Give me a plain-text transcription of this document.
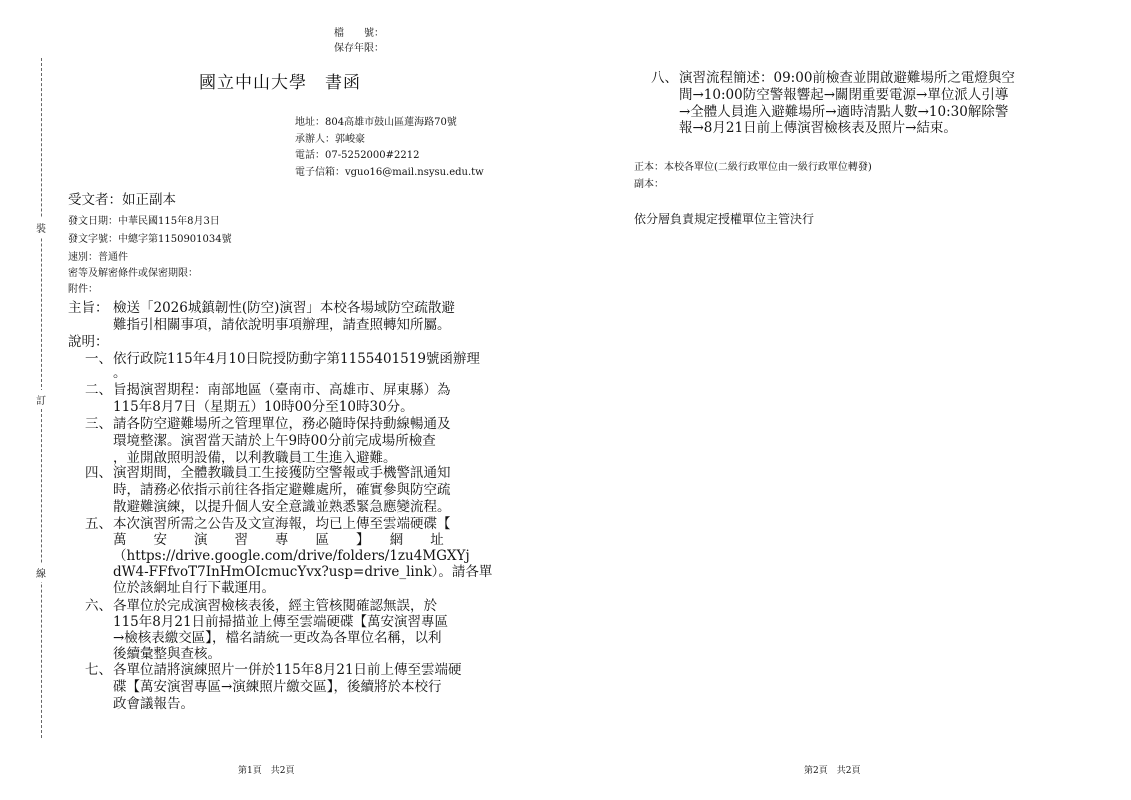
裝
訂
線
檔　　號：
保存年限：
國立中山大學　書函
地址：804高雄市鼓山區蓮海路70號
承辦人：郭峻豪
電話：07-5252000#2212
電子信箱：vguo16@mail.nsysu.edu.tw
受文者：如正副本
發文日期：中華民國115年8月3日
發文字號：中總字第1150901034號
速別：普通件
密等及解密條件或保密期限：
附件：
主旨： 檢送「2026城鎮韌性(防空)演習」本校各場域防空疏散避
難指引相關事項，請依說明事項辦理，請查照轉知所屬。
說明：
一、 依行政院115年4月10日院授防動字第1155401519號函辦理
。
二、 旨揭演習期程：南部地區（臺南市、高雄市、屏東縣）為
115年8月7日（星期五）10時00分至10時30分。
三、 請各防空避難場所之管理單位，務必隨時保持動線暢通及
環境整潔。演習當天請於上午9時00分前完成場所檢查
，並開啟照明設備，以利教職員工生進入避難。
四、 演習期間，全體教職員工生接獲防空警報或手機警訊通知
時，請務必依指示前往各指定避難處所，確實參與防空疏
散避難演練，以提升個人安全意識並熟悉緊急應變流程。
五、 本次演習所需之公告及文宣海報，均已上傳至雲端硬碟【
萬　　安　　演　　習　　專　　區　　】　　網　　址
（https://drive.google.com/drive/folders/1zu4MGXYj
dW4-FFfvoT7InHmOIcmucYvx?usp=drive_link）。請各單
位於該網址自行下載運用。
六、 各單位於完成演習檢核表後，經主管核閱確認無誤，於
115年8月21日前掃描並上傳至雲端硬碟【萬安演習專區
→檢核表繳交區】，檔名請統一更改為各單位名稱，以利
後續彙整與查核。
七、 各單位請將演練照片一併於115年8月21日前上傳至雲端硬
碟【萬安演習專區→演練照片繳交區】，後續將於本校行
政會議報告。
第1頁　共2頁
八、 演習流程簡述：09:00前檢查並開啟避難場所之電燈與空
間→10:00防空警報響起→關閉重要電源→單位派人引導
→全體人員進入避難場所→適時清點人數→10:30解除警
報→8月21日前上傳演習檢核表及照片→結束。
正本：本校各單位(二級行政單位由一級行政單位轉發)
副本：
依分層負責規定授權單位主管決行
第2頁　共2頁
